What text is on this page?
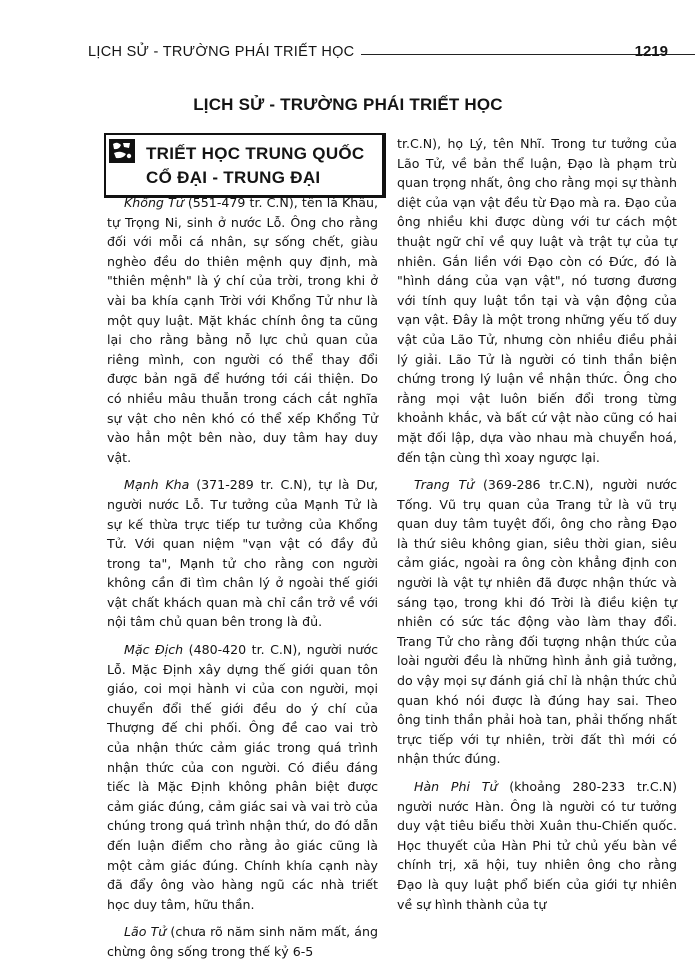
LỊCH SỬ - TRƯỜNG PHÁI TRIẾT HỌC	1219
LỊCH SỬ - TRƯỜNG PHÁI TRIẾT HỌC
TRIẾT HỌC TRUNG QUỐC
CỔ ĐẠI - TRUNG ĐẠI

Khổng Tử (551-479 tr. C.N), tên là Khâu, tự Trọng Ni, sinh ở nước Lỗ. Ông cho rằng đối với mỗi cá nhân, sự sống chết, giàu nghèo đều do thiên mệnh quy định, mà "thiên mệnh" là ý chí của trời, trong khi ở vài ba khía cạnh Trời với Khổng Tử như là một quy luật. Mặt khác chính ông ta cũng lại cho rằng bằng nỗ lực chủ quan của riêng mình, con người có thể thay đổi được bản ngã để hướng tới cái thiện. Do có nhiều mâu thuẫn trong cách cắt nghĩa sự vật cho nên khó có thể xếp Khổng Tử vào hẳn một bên nào, duy tâm hay duy vật.

Mạnh Kha (371-289 tr. C.N), tự là Dư, người nước Lỗ. Tư tưởng của Mạnh Tử là sự kế thừa trực tiếp tư tưởng của Khổng Tử. Với quan niệm "vạn vật có đầy đủ trong ta", Mạnh tử cho rằng con người không cần đi tìm chân lý ở ngoài thế giới vật chất khách quan mà chỉ cần trở về với nội tâm chủ quan bên trong là đủ.

Mặc Địch (480-420 tr. C.N), người nước Lỗ. Mặc Định xây dựng thế giới quan tôn giáo, coi mọi hành vi của con người, mọi chuyển đổi thế giới đều do ý chí của Thượng đế chi phối. Ông đề cao vai trò của nhận thức cảm giác trong quá trình nhận thức của con người. Có điều đáng tiếc là Mặc Định không phân biệt được cảm giác đúng, cảm giác sai và vai trò của chúng trong quá trình nhận thứ, do đó dẫn đến luận điểm cho rằng ảo giác cũng là một cảm giác đúng. Chính khía cạnh này đã đẩy ông vào hàng ngũ các nhà triết học duy tâm, hữu thần.

Lão Tử (chưa rõ năm sinh năm mất, áng chừng ông sống trong thế kỷ 6-5

tr.C.N), họ Lý, tên Nhĩ. Trong tư tưởng của Lão Tử, về bản thể luận, Đạo là phạm trù quan trọng nhất, ông cho rằng mọi sự thành diệt của vạn vật đều từ Đạo mà ra. Đạo của ông nhiều khi được dùng với tư cách một thuật ngữ chỉ về quy luật và trật tự của tự nhiên. Gắn liền với Đạo còn có Đức, đó là "hình dáng của vạn vật", nó tương đương với tính quy luật tồn tại và vận động của vạn vật. Đây là một trong những yếu tố duy vật của Lão Tử, nhưng còn nhiều điều phải lý giải. Lão Tử là người có tinh thần biện chứng trong lý luận về nhận thức. Ông cho rằng mọi vật luôn biến đổi trong từng khoảnh khắc, và bất cứ vật nào cũng có hai mặt đối lập, dựa vào nhau mà chuyển hoá, đến tận cùng thì xoay ngược lại.

Trang Tử (369-286 tr.C.N), người nước Tống. Vũ trụ quan của Trang tử là vũ trụ quan duy tâm tuyệt đối, ông cho rằng Đạo là thứ siêu không gian, siêu thời gian, siêu cảm giác, ngoài ra ông còn khẳng định con người là vật tự nhiên đã được nhận thức và sáng tạo, trong khi đó Trời là điều kiện tự nhiên có sức tác động vào làm thay đổi. Trang Tử cho rằng đối tượng nhận thức của loài người đều là những hình ảnh giả tưởng, do vậy mọi sự đánh giá chỉ là nhận thức chủ quan khó nói được là đúng hay sai. Theo ông tinh thần phải hoà tan, phải thống nhất trực tiếp với tự nhiên, trời đất thì mới có nhận thức đúng.

Hàn Phi Tử (khoảng 280-233 tr.C.N) người nước Hàn. Ông là người có tư tưởng duy vật tiêu biểu thời Xuân thu-Chiến quốc. Học thuyết của Hàn Phi tử chủ yếu bàn về chính trị, xã hội, tuy nhiên ông cho rằng Đạo là quy luật phổ biến của giới tự nhiên về sự hình thành của tự
